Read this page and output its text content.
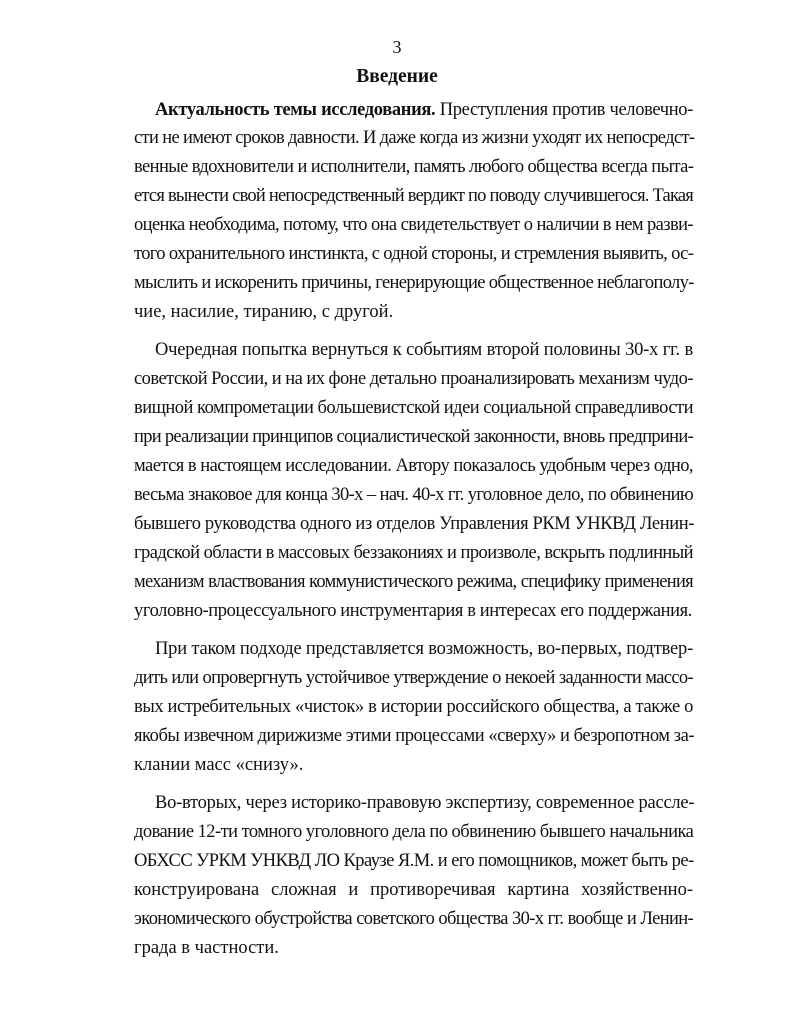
3
Введение
Актуальность темы исследования. Преступления против человечно-
сти не имеют сроков давности. И даже когда из жизни уходят их непосредст-
венные вдохновители и исполнители, память любого общества всегда пыта-
ется вынести свой непосредственный вердикт по поводу случившегося. Такая
оценка необходима, потому, что она свидетельствует о наличии в нем разви-
того охранительного инстинкта, с одной стороны, и стремления выявить, ос-
мыслить и искоренить причины, генерирующие общественное неблагополу-
чие, насилие, тиранию, с другой.
Очередная попытка вернуться к событиям второй половины 30-х гг. в
советской России, и на их фоне детально проанализировать механизм чудо-
вищной компрометации большевистской идеи социальной справедливости
при реализации принципов социалистической законности, вновь предприни-
мается в настоящем исследовании. Автору показалось удобным через одно,
весьма знаковое для конца 30-х – нач. 40-х гг. уголовное дело, по обвинению
бывшего руководства одного из отделов Управления РКМ УНКВД Ленин-
градской области в массовых беззакониях и произволе, вскрыть подлинный
механизм властвования коммунистического режима, специфику применения
уголовно-процессуального инструментария в интересах его поддержания.
При таком подходе представляется возможность, во-первых, подтвер-
дить или опровергнуть устойчивое утверждение о некоей заданности массо-
вых истребительных «чисток» в истории российского общества, а также о
якобы извечном дирижизме этими процессами «сверху» и безропотном за-
клании масс «снизу».
Во-вторых, через историко-правовую экспертизу, современное рассле-
дование 12-ти томного уголовного дела по обвинению бывшего начальника
ОБХСС УРКМ УНКВД ЛО Краузе Я.М. и его помощников, может быть ре-
конструирована сложная и противоречивая картина хозяйственно-
экономического обустройства советского общества 30-х гг. вообще и Ленин-
града в частности.
